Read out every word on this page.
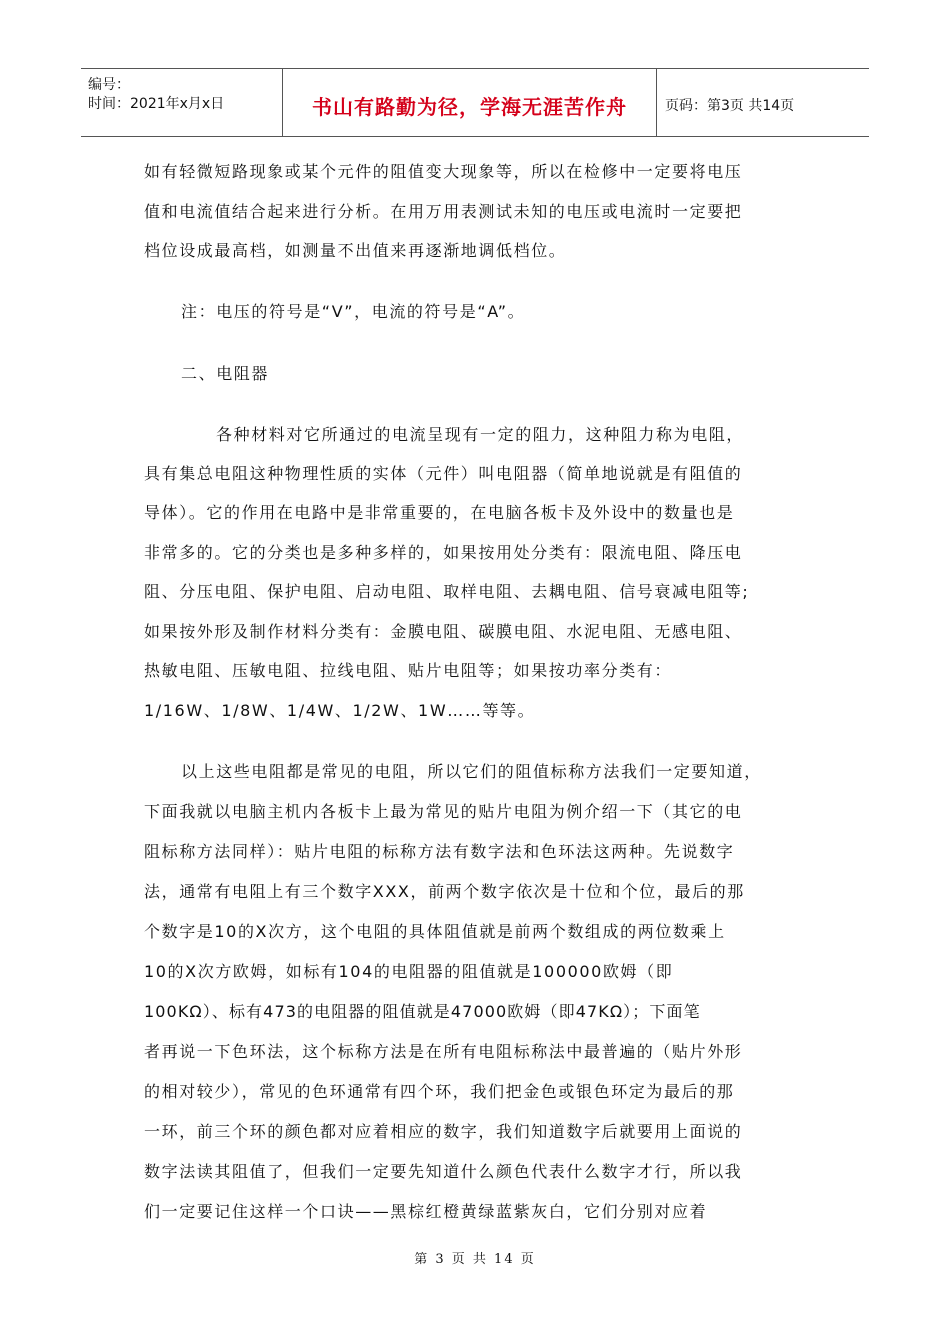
编号：
时间：2021年x月x日	书山有路勤为径，学海无涯苦作舟	页码：第3页 共14页
如有轻微短路现象或某个元件的阻值变大现象等，所以在检修中一定要将电压
值和电流值结合起来进行分析。在用万用表测试未知的电压或电流时一定要把
档位设成最高档，如测量不出值来再逐渐地调低档位。
注：电压的符号是“V”，电流的符号是“A”。
二、电阻器
各种材料对它所通过的电流呈现有一定的阻力，这种阻力称为电阻，
具有集总电阻这种物理性质的实体（元件）叫电阻器（简单地说就是有阻值的
导体）。它的作用在电路中是非常重要的，在电脑各板卡及外设中的数量也是
非常多的。它的分类也是多种多样的，如果按用处分类有：限流电阻、降压电
阻、分压电阻、保护电阻、启动电阻、取样电阻、去耦电阻、信号衰减电阻等;
如果按外形及制作材料分类有：金膜电阻、碳膜电阻、水泥电阻、无感电阻、
热敏电阻、压敏电阻、拉线电阻、贴片电阻等；如果按功率分类有：
1/16W、1/8W、1/4W、1/2W、1W……等等。
以上这些电阻都是常见的电阻，所以它们的阻值标称方法我们一定要知道，
下面我就以电脑主机内各板卡上最为常见的贴片电阻为例介绍一下（其它的电
阻标称方法同样）：贴片电阻的标称方法有数字法和色环法这两种。先说数字
法，通常有电阻上有三个数字XXX，前两个数字依次是十位和个位，最后的那
个数字是10的X次方，这个电阻的具体阻值就是前两个数组成的两位数乘上
10的X次方欧姆，如标有104的电阻器的阻值就是100000欧姆（即
100KΩ）、标有473的电阻器的阻值就是47000欧姆（即47KΩ）；下面笔
者再说一下色环法，这个标称方法是在所有电阻标称法中最普遍的（贴片外形
的相对较少），常见的色环通常有四个环，我们把金色或银色环定为最后的那
一环，前三个环的颜色都对应着相应的数字，我们知道数字后就要用上面说的
数字法读其阻值了，但我们一定要先知道什么颜色代表什么数字才行，所以我
们一定要记住这样一个口诀——黑棕红橙黄绿蓝紫灰白，它们分别对应着
第 3 页 共 14 页
